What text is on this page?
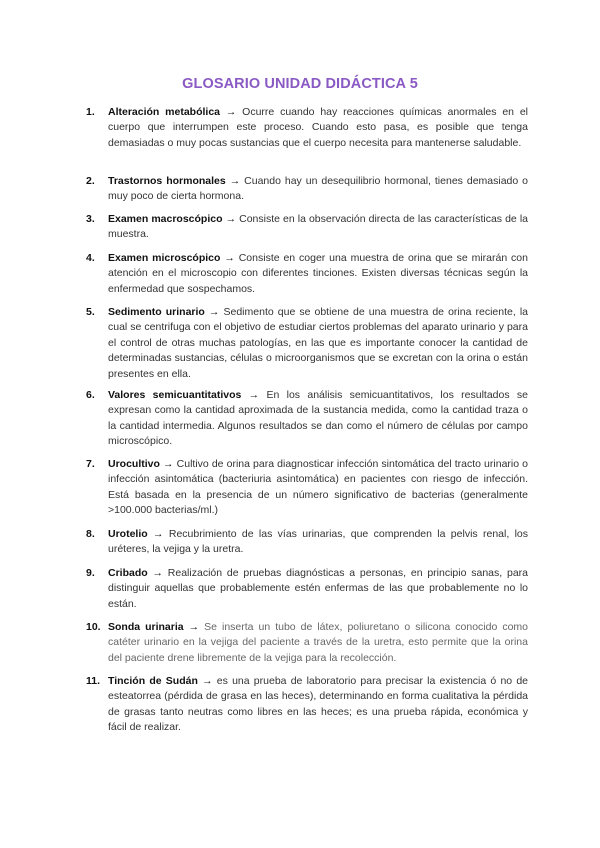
GLOSARIO UNIDAD DIDÁCTICA 5
1.	Alteración metabólica → Ocurre cuando hay reacciones químicas anormales en el cuerpo que interrumpen este proceso. Cuando esto pasa, es posible que tenga demasiadas o muy pocas sustancias que el cuerpo necesita para mantenerse saludable.
2.	Trastornos hormonales → Cuando hay un desequilibrio hormonal, tienes demasiado o muy poco de cierta hormona.
3.	Examen macroscópico → Consiste en la observación directa de las características de la muestra.
4.	Examen microscópico → Consiste en coger una muestra de orina que se mirarán con atención en el microscopio con diferentes tinciones. Existen diversas técnicas según la enfermedad que sospechamos.
5.	Sedimento urinario → Sedimento que se obtiene de una muestra de orina reciente, la cual se centrifuga con el objetivo de estudiar ciertos problemas del aparato urinario y para el control de otras muchas patologías, en las que es importante conocer la cantidad de determinadas sustancias, células o microorganismos que se excretan con la orina o están presentes en ella.
6.	Valores semicuantitativos → En los análisis semicuantitativos, los resultados se expresan como la cantidad aproximada de la sustancia medida, como la cantidad traza o la cantidad intermedia. Algunos resultados se dan como el número de células por campo microscópico.
7.	Urocultivo → Cultivo de orina para diagnosticar infección sintomática del tracto urinario o infección asintomática (bacteriuria asintomática) en pacientes con riesgo de infección. Está basada en la presencia de un número significativo de bacterias (generalmente >100.000 bacterias/ml.)
8.	Urotelio → Recubrimiento de las vías urinarias, que comprenden la pelvis renal, los uréteres, la vejiga y la uretra.
9.	Cribado → Realización de pruebas diagnósticas a personas, en principio sanas, para distinguir aquellas que probablemente estén enfermas de las que probablemente no lo están.
10. Sonda urinaria → Se inserta un tubo de látex, poliuretano o silicona conocido como catéter urinario en la vejiga del paciente a través de la uretra, esto permite que la orina del paciente drene libremente de la vejiga para la recolección.
11. Tinción de Sudán → es una prueba de laboratorio para precisar la existencia ó no de esteatorrea (pérdida de grasa en las heces), determinando en forma cualitativa la pérdida de grasas tanto neutras como libres en las heces; es una prueba rápida, económica y fácil de realizar.
